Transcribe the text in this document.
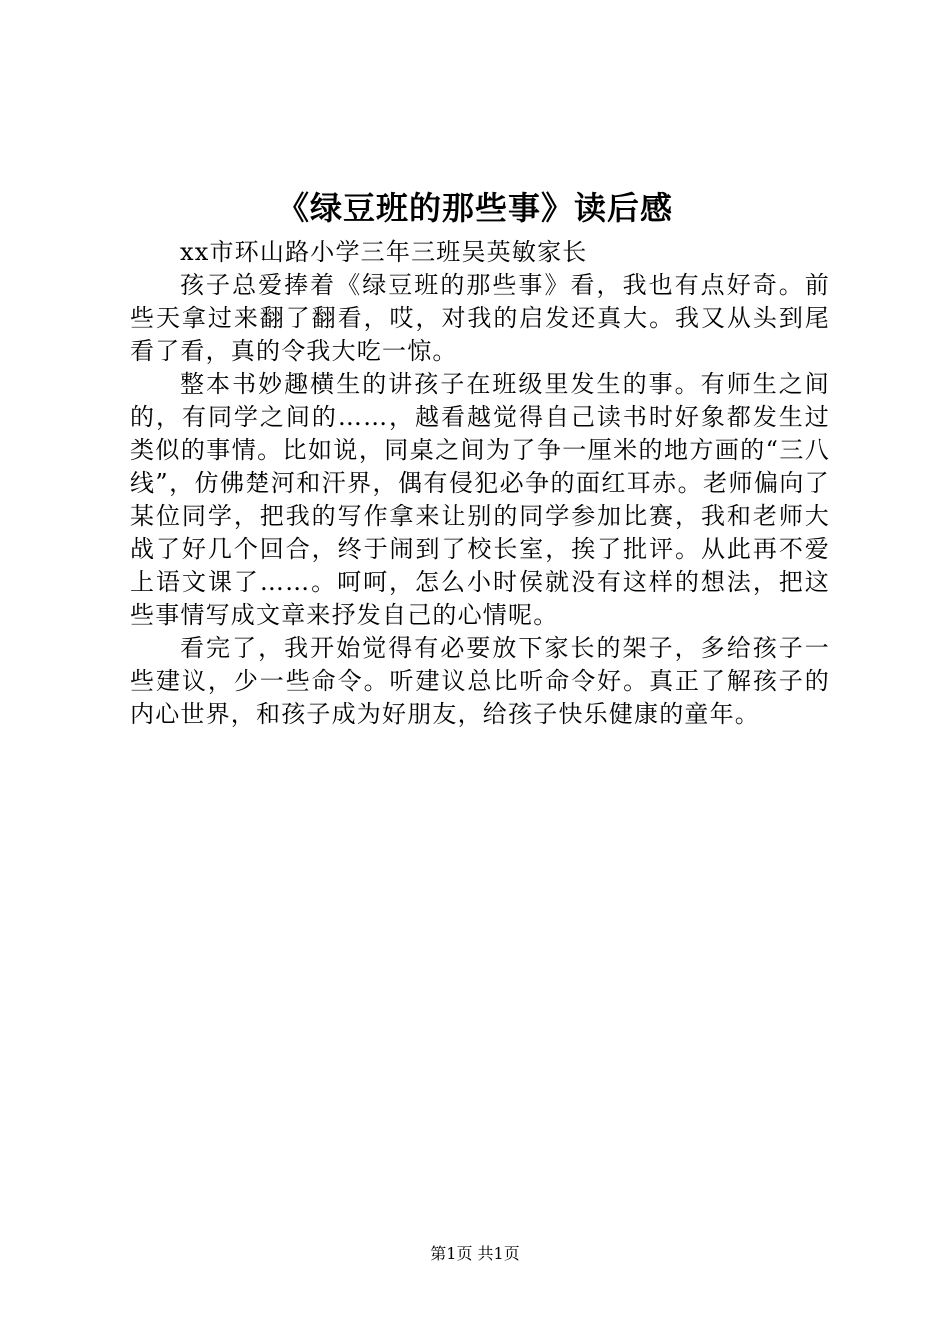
《绿豆班的那些事》读后感

xx市环山路小学三年三班吴英敏家长

孩子总爱捧着《绿豆班的那些事》看，我也有点好奇。前些天拿过来翻了翻看，哎，对我的启发还真大。我又从头到尾看了看，真的令我大吃一惊。

整本书妙趣横生的讲孩子在班级里发生的事。有师生之间的，有同学之间的……，越看越觉得自己读书时好象都发生过类似的事情。比如说，同桌之间为了争一厘米的地方画的“三八线”，仿佛楚河和汗界，偶有侵犯必争的面红耳赤。老师偏向了某位同学，把我的写作拿来让别的同学参加比赛，我和老师大战了好几个回合，终于闹到了校长室，挨了批评。从此再不爱上语文课了……。呵呵，怎么小时侯就没有这样的想法，把这些事情写成文章来抒发自己的心情呢。

看完了，我开始觉得有必要放下家长的架子，多给孩子一些建议，少一些命令。听建议总比听命令好。真正了解孩子的内心世界，和孩子成为好朋友，给孩子快乐健康的童年。

第1页 共1页
